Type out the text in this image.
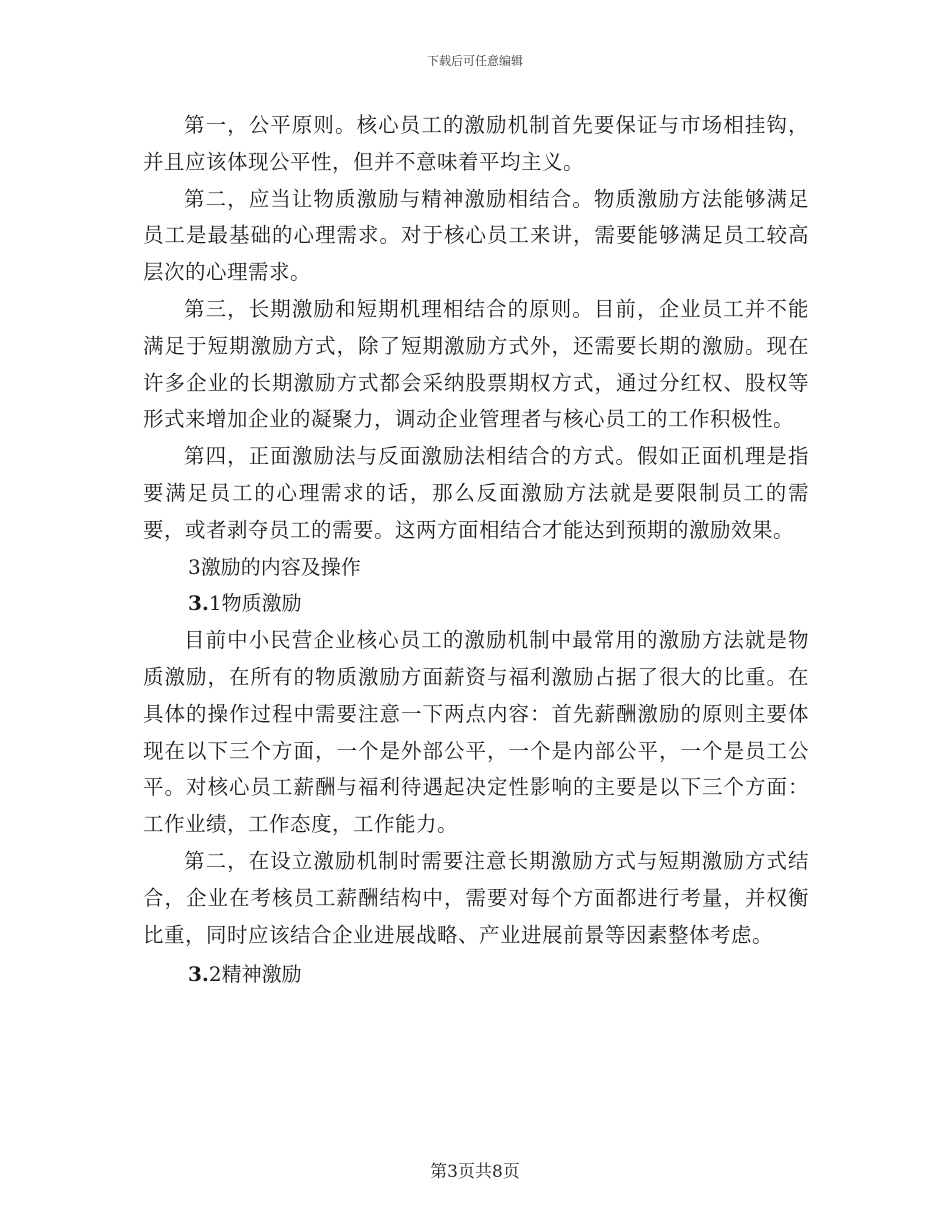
下载后可任意编辑

第一，公平原则。核心员工的激励机制首先要保证与市场相挂钩，并且应该体现公平性，但并不意味着平均主义。

第二，应当让物质激励与精神激励相结合。物质激励方法能够满足员工是最基础的心理需求。对于核心员工来讲，需要能够满足员工较高层次的心理需求。

第三，长期激励和短期机理相结合的原则。目前，企业员工并不能满足于短期激励方式，除了短期激励方式外，还需要长期的激励。现在许多企业的长期激励方式都会采纳股票期权方式，通过分红权、股权等形式来增加企业的凝聚力，调动企业管理者与核心员工的工作积极性。

第四，正面激励法与反面激励法相结合的方式。假如正面机理是指要满足员工的心理需求的话，那么反面激励方法就是要限制员工的需要，或者剥夺员工的需要。这两方面相结合才能达到预期的激励效果。

3激励的内容及操作

3.1物质激励

目前中小民营企业核心员工的激励机制中最常用的激励方法就是物质激励，在所有的物质激励方面薪资与福利激励占据了很大的比重。在具体的操作过程中需要注意一下两点内容：首先薪酬激励的原则主要体现在以下三个方面，一个是外部公平，一个是内部公平，一个是员工公平。对核心员工薪酬与福利待遇起决定性影响的主要是以下三个方面：工作业绩，工作态度，工作能力。

第二，在设立激励机制时需要注意长期激励方式与短期激励方式结合，企业在考核员工薪酬结构中，需要对每个方面都进行考量，并权衡比重，同时应该结合企业进展战略、产业进展前景等因素整体考虑。

3.2精神激励

第3页共8页
